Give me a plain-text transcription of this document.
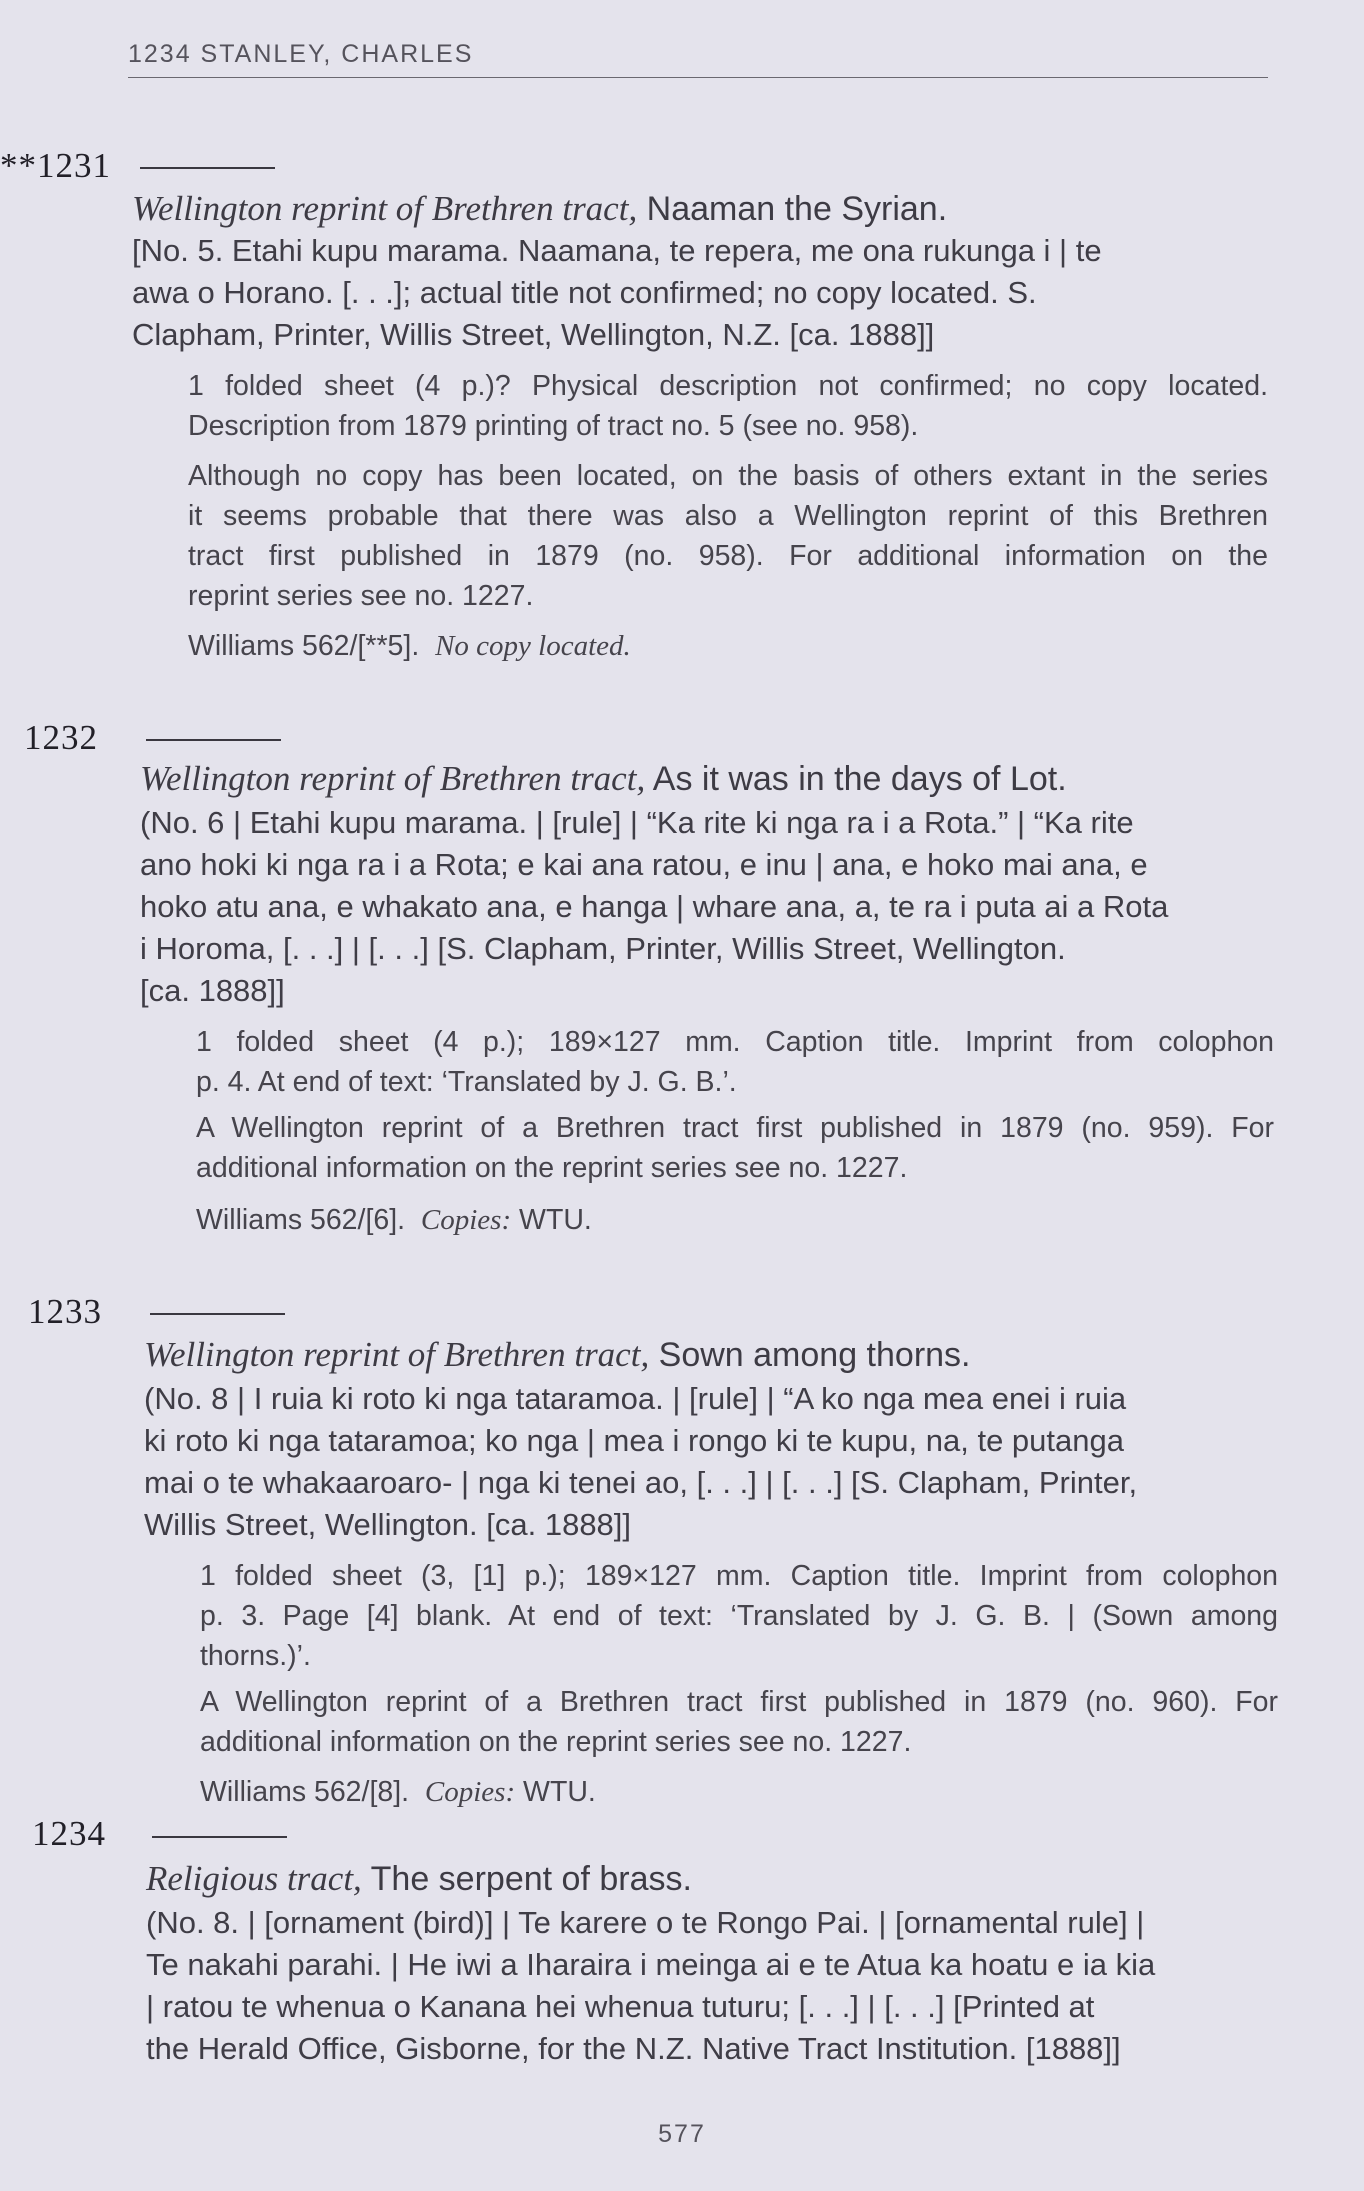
1234 STANLEY, CHARLES
**1231
Wellington reprint of Brethren tract, Naaman the Syrian.
[No. 5. Etahi kupu marama. Naamana, te repera, me ona rukunga i | te
awa o Horano. [. . .]; actual title not confirmed; no copy located. S.
Clapham, Printer, Willis Street, Wellington, N.Z. [ca. 1888]]
1 folded sheet (4 p.)? Physical description not confirmed; no copy located.
Description from 1879 printing of tract no. 5 (see no. 958).
Although no copy has been located, on the basis of others extant in the series
it seems probable that there was also a Wellington reprint of this Brethren
tract first published in 1879 (no. 958). For additional information on the
reprint series see no. 1227.
Williams 562/[**5]. No copy located.
1232
Wellington reprint of Brethren tract, As it was in the days of Lot.
(No. 6 | Etahi kupu marama. | [rule] | “Ka rite ki nga ra i a Rota.” | “Ka rite
ano hoki ki nga ra i a Rota; e kai ana ratou, e inu | ana, e hoko mai ana, e
hoko atu ana, e whakato ana, e hanga | whare ana, a, te ra i puta ai a Rota
i Horoma, [. . .] | [. . .] [S. Clapham, Printer, Willis Street, Wellington.
[ca. 1888]]
1 folded sheet (4 p.); 189×127 mm. Caption title. Imprint from colophon
p. 4. At end of text: ‘Translated by J. G. B.’.
A Wellington reprint of a Brethren tract first published in 1879 (no. 959). For
additional information on the reprint series see no. 1227.
Williams 562/[6]. Copies: WTU.
1233
Wellington reprint of Brethren tract, Sown among thorns.
(No. 8 | I ruia ki roto ki nga tataramoa. | [rule] | “A ko nga mea enei i ruia
ki roto ki nga tataramoa; ko nga | mea i rongo ki te kupu, na, te putanga
mai o te whakaaroaro- | nga ki tenei ao, [. . .] | [. . .] [S. Clapham, Printer,
Willis Street, Wellington. [ca. 1888]]
1 folded sheet (3, [1] p.); 189×127 mm. Caption title. Imprint from colophon
p. 3. Page [4] blank. At end of text: ‘Translated by J. G. B. | (Sown among
thorns.)’.
A Wellington reprint of a Brethren tract first published in 1879 (no. 960). For
additional information on the reprint series see no. 1227.
Williams 562/[8]. Copies: WTU.
1234
Religious tract, The serpent of brass.
(No. 8. | [ornament (bird)] | Te karere o te Rongo Pai. | [ornamental rule] |
Te nakahi parahi. | He iwi a Iharaira i meinga ai e te Atua ka hoatu e ia kia
| ratou te whenua o Kanana hei whenua tuturu; [. . .] | [. . .] [Printed at
the Herald Office, Gisborne, for the N.Z. Native Tract Institution. [1888]]
577
